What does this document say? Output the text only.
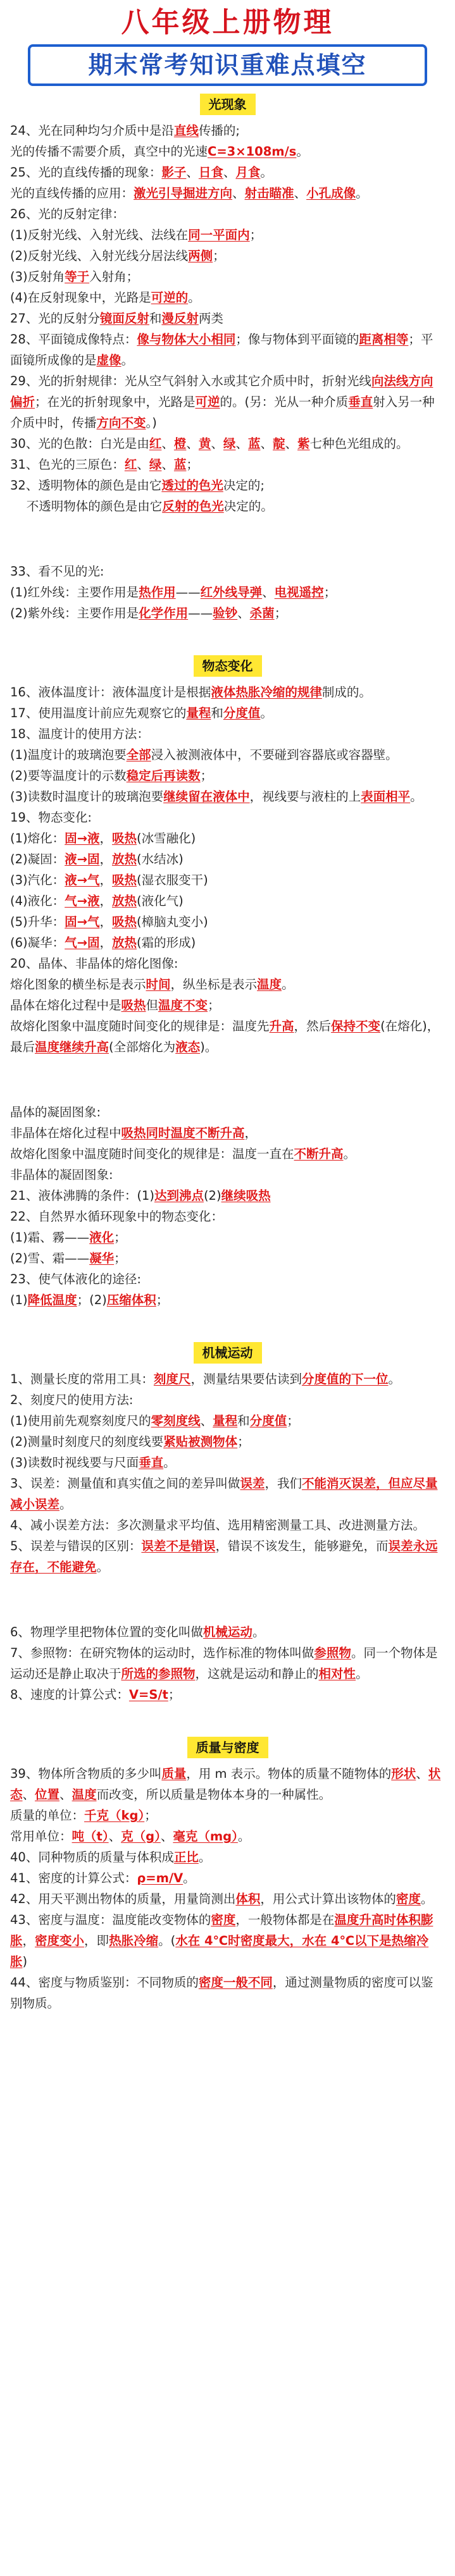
八年级上册物理
期末常考知识重难点填空
光现象

24、光在同种均匀介质中是沿直线传播的;

光的传播不需要介质，真空中的光速C=3×108m/s。

25、光的直线传播的现象：影子、日食、月食。

光的直线传播的应用：激光引导掘进方向、射击瞄准、小孔成像。

26、光的反射定律：

(1)反射光线、入射光线、法线在同一平面内；

(2)反射光线、入射光线分居法线两侧；

(3)反射角等于入射角；

(4)在反射现象中，光路是可逆的。

27、光的反射分镜面反射和漫反射两类

28、平面镜成像特点：像与物体大小相同；像与物体到平面镜的距离相等；平面镜所成像的是虚像。

29、光的折射规律：光从空气斜射入水或其它介质中时，折射光线向法线方向偏折；在光的折射现象中，光路是可逆的。(另：光从一种介质垂直射入另一种介质中时，传播方向不变。)

30、光的色散：白光是由红、橙、黄、绿、蓝、靛、紫七种色光组成的。

31、色光的三原色：红、绿、蓝；

32、透明物体的颜色是由它透过的色光决定的;

　 不透明物体的颜色是由它反射的色光决定的。

33、看不见的光:

(1)红外线：主要作用是热作用——红外线导弹、电视遥控；

(2)紫外线：主要作用是化学作用——验钞、杀菌；

物态变化

16、液体温度计：液体温度计是根据液体热胀冷缩的规律制成的。

17、使用温度计前应先观察它的量程和分度值。

18、温度计的使用方法：

(1)温度计的玻璃泡要全部浸入被测液体中，不要碰到容器底或容器壁。

(2)要等温度计的示数稳定后再读数；

(3)读数时温度计的玻璃泡要继续留在液体中，视线要与液柱的上表面相平。

19、物态变化:

(1)熔化：固→液，吸热(冰雪融化)

(2)凝固：液→固，放热(水结冰)

(3)汽化：液→气，吸热(湿衣服变干)

(4)液化：气→液，放热(液化气)

(5)升华：固→气，吸热(樟脑丸变小)

(6)凝华：气→固，放热(霜的形成)

20、晶体、非晶体的熔化图像:

熔化图象的横坐标是表示时间，纵坐标是表示温度。

晶体在熔化过程中是吸热但温度不变；

故熔化图象中温度随时间变化的规律是：温度先升高，然后保持不变(在熔化)，最后温度继续升高(全部熔化为液态)。

晶体的凝固图象:

非晶体在熔化过程中吸热同时温度不断升高，

故熔化图象中温度随时间变化的规律是：温度一直在不断升高。

非晶体的凝固图象:

21、液体沸腾的条件：(1)达到沸点(2)继续吸热

22、自然界水循环现象中的物态变化：

(1)霜、霧——液化；

(2)雪、霜——凝华；

23、使气体液化的途径:

(1)降低温度；(2)压缩体积；

机械运动

1、测量长度的常用工具：刻度尺，测量结果要估读到分度值的下一位。

2、刻度尺的使用方法:

(1)使用前先观察刻度尺的零刻度线、量程和分度值；

(2)测量时刻度尺的刻度线要紧贴被测物体；

(3)读数时视线要与尺面垂直。

3、误差：测量值和真实值之间的差异叫做误差，我们不能消灭误差，但应尽量减小误差。

4、减小误差方法：多次测量求平均值、选用精密测量工具、改进测量方法。

5、误差与错误的区别：误差不是错误，错误不该发生，能够避免，而误差永远存在，不能避免。

6、物理学里把物体位置的变化叫做机械运动。

7、参照物：在研究物体的运动时，选作标准的物体叫做参照物。同一个物体是运动还是静止取决于所选的参照物，这就是运动和静止的相对性。

8、速度的计算公式：V=S/t；

质量与密度

39、物体所含物质的多少叫质量，用 m 表示。物体的质量不随物体的形状、状态、位置、温度而改变，所以质量是物体本身的一种属性。

质量的单位：千克（kg）；

常用单位：吨（t）、克（g）、毫克（mg）。

40、同种物质的质量与体积成正比。

41、密度的计算公式：ρ=m/V。

42、用天平测出物体的质量，用量筒测出体积，用公式计算出该物体的密度。

43、密度与温度：温度能改变物体的密度，一般物体都是在温度升高时体积膨胀，密度变小，即热胀冷缩。(水在 4℃时密度最大，水在 4℃以下是热缩冷胀)

44、密度与物质鉴别：不同物质的密度一般不同，通过测量物质的密度可以鉴别物质。
